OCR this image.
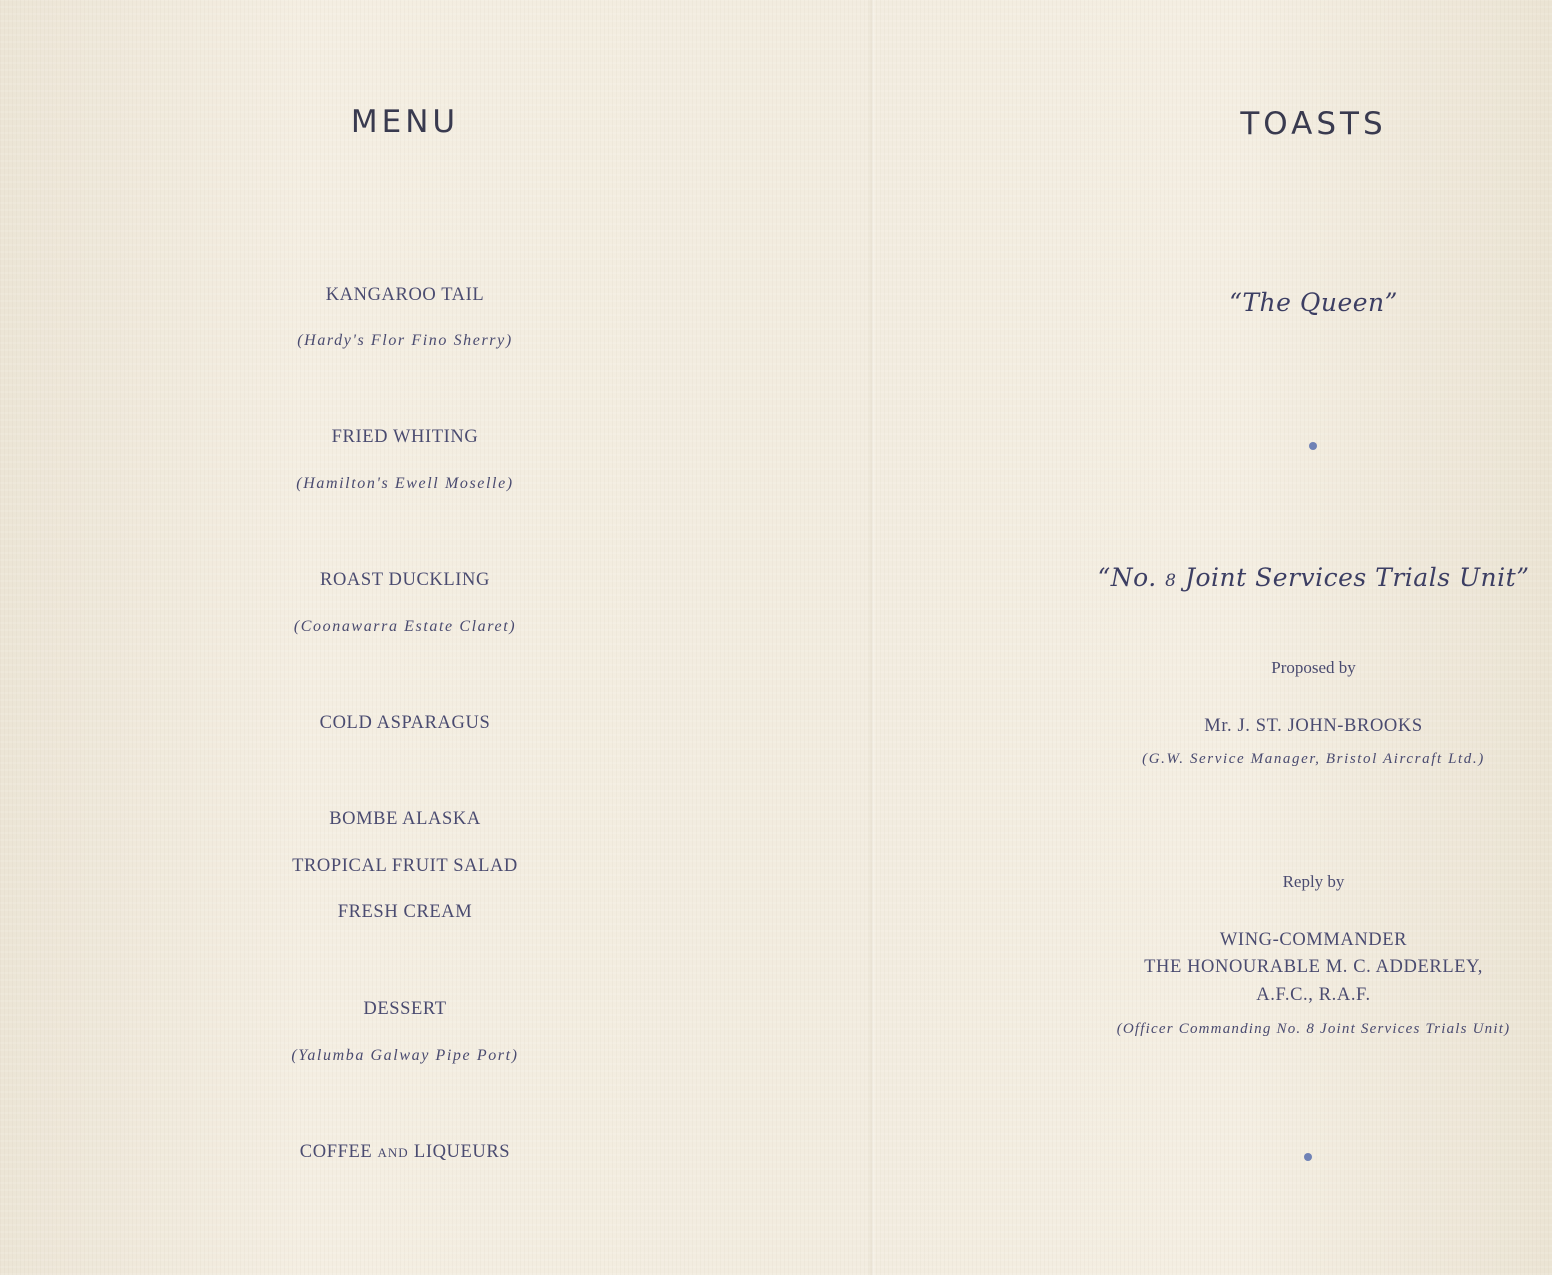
MENU
KANGAROO TAIL
(Hardy's Flor Fino Sherry)
FRIED WHITING
(Hamilton's Ewell Moselle)
ROAST DUCKLING
(Coonawarra Estate Claret)
COLD ASPARAGUS
BOMBE ALASKA
TROPICAL FRUIT SALAD
FRESH CREAM
DESSERT
(Yalumba Galway Pipe Port)
COFFEE AND LIQUEURS
TOASTS
“The Queen”
“No. 8 Joint Services Trials Unit”
Proposed by
Mr. J. ST. JOHN-BROOKS
(G.W. Service Manager, Bristol Aircraft Ltd.)
Reply by
WING-COMMANDER
THE HONOURABLE M. C. ADDERLEY,
A.F.C., R.A.F.
(Officer Commanding No. 8 Joint Services Trials Unit)
